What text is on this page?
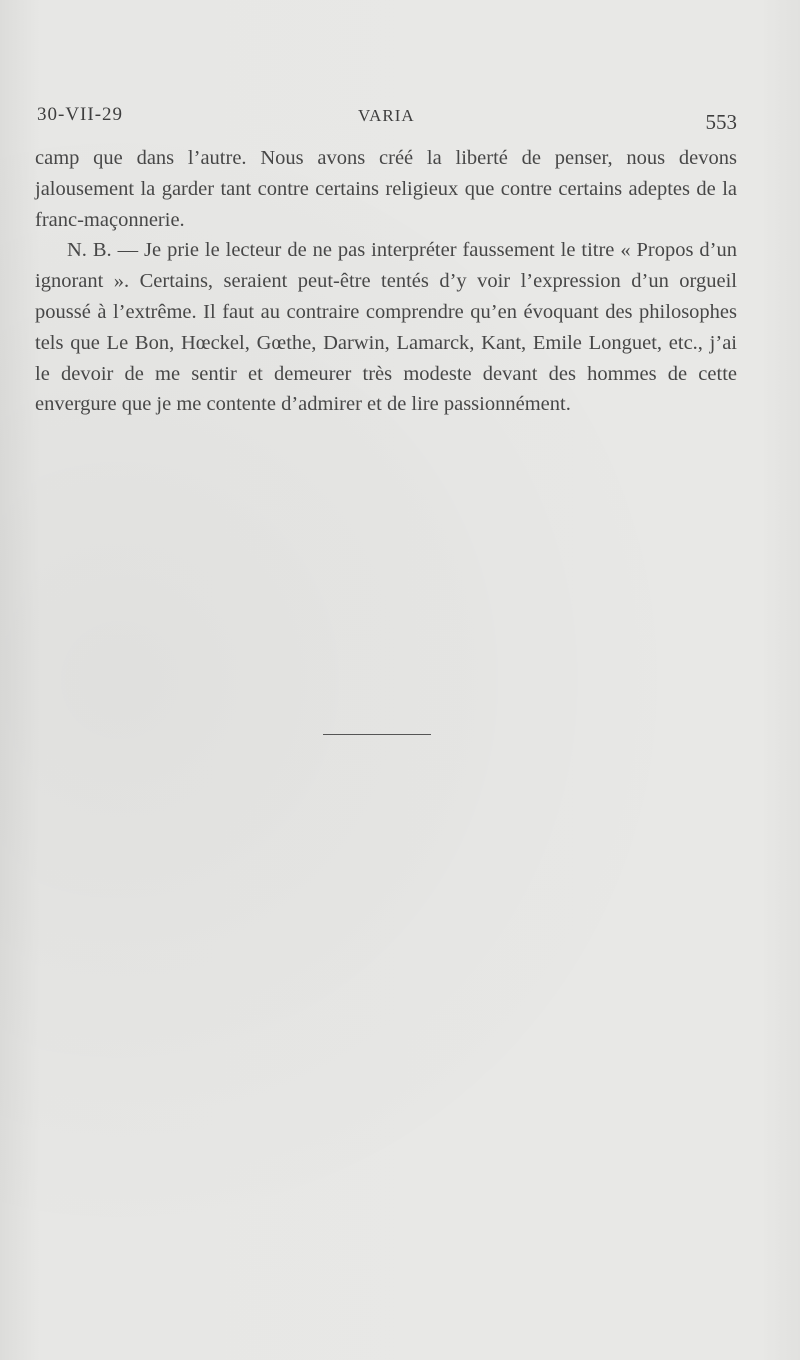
30-VII-29	VARIA	553

camp que dans l’autre. Nous avons créé la liberté de penser, nous devons jalousement la garder tant contre certains religieux que contre certains adeptes de la franc-maçonnerie.

N. B. — Je prie le lecteur de ne pas interpréter faussement le titre « Propos d’un ignorant ». Certains, seraient peut-être tentés d’y voir l’expression d’un orgueil poussé à l’extrême. Il faut au contraire comprendre qu’en évoquant des philosophes tels que Le Bon, Hœckel, Gœthe, Darwin, Lamarck, Kant, Emile Longuet, etc., j’ai le devoir de me sentir et demeurer très modeste devant des hommes de cette envergure que je me contente d’admirer et de lire passionnément.
